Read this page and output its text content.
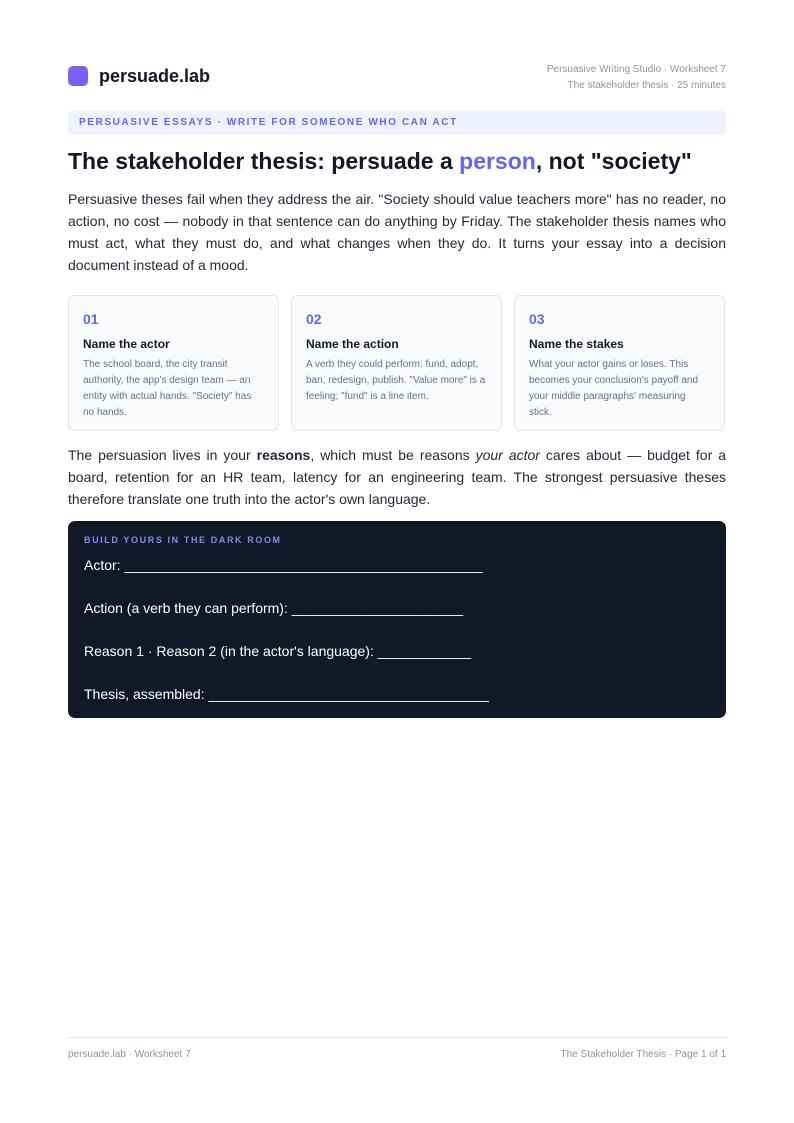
persuade.lab	Persuasive Writing Studio · Worksheet 7
The stakeholder thesis · 25 minutes
PERSUASIVE ESSAYS · WRITE FOR SOMEONE WHO CAN ACT
The stakeholder thesis: persuade a person, not "society"

Persuasive theses fail when they address the air. "Society should value teachers more" has no reader, no action, no cost — nobody in that sentence can do anything by Friday. The stakeholder thesis names who must act, what they must do, and what changes when they do. It turns your essay into a decision document instead of a mood.

01
Name the actor
The school board, the city transit authority, the app's design team — an entity with actual hands. "Society" has no hands.
02
Name the action
A verb they could perform: fund, adopt, ban, redesign, publish. "Value more" is a feeling; "fund" is a line item.
03
Name the stakes
What your actor gains or loses. This becomes your conclusion's payoff and your middle paragraphs' measuring stick.

The persuasion lives in your reasons, which must be reasons your actor cares about — budget for a board, retention for an HR team, latency for an engineering team. The strongest persuasive theses therefore translate one truth into the actor's own language.

BUILD YOURS IN THE DARK ROOM
Actor: ______________________________________________
Action (a verb they can perform): ______________________
Reason 1 · Reason 2 (in the actor's language): ____________
Thesis, assembled: ____________________________________
persuade.lab · Worksheet 7	The Stakeholder Thesis · Page 1 of 1
